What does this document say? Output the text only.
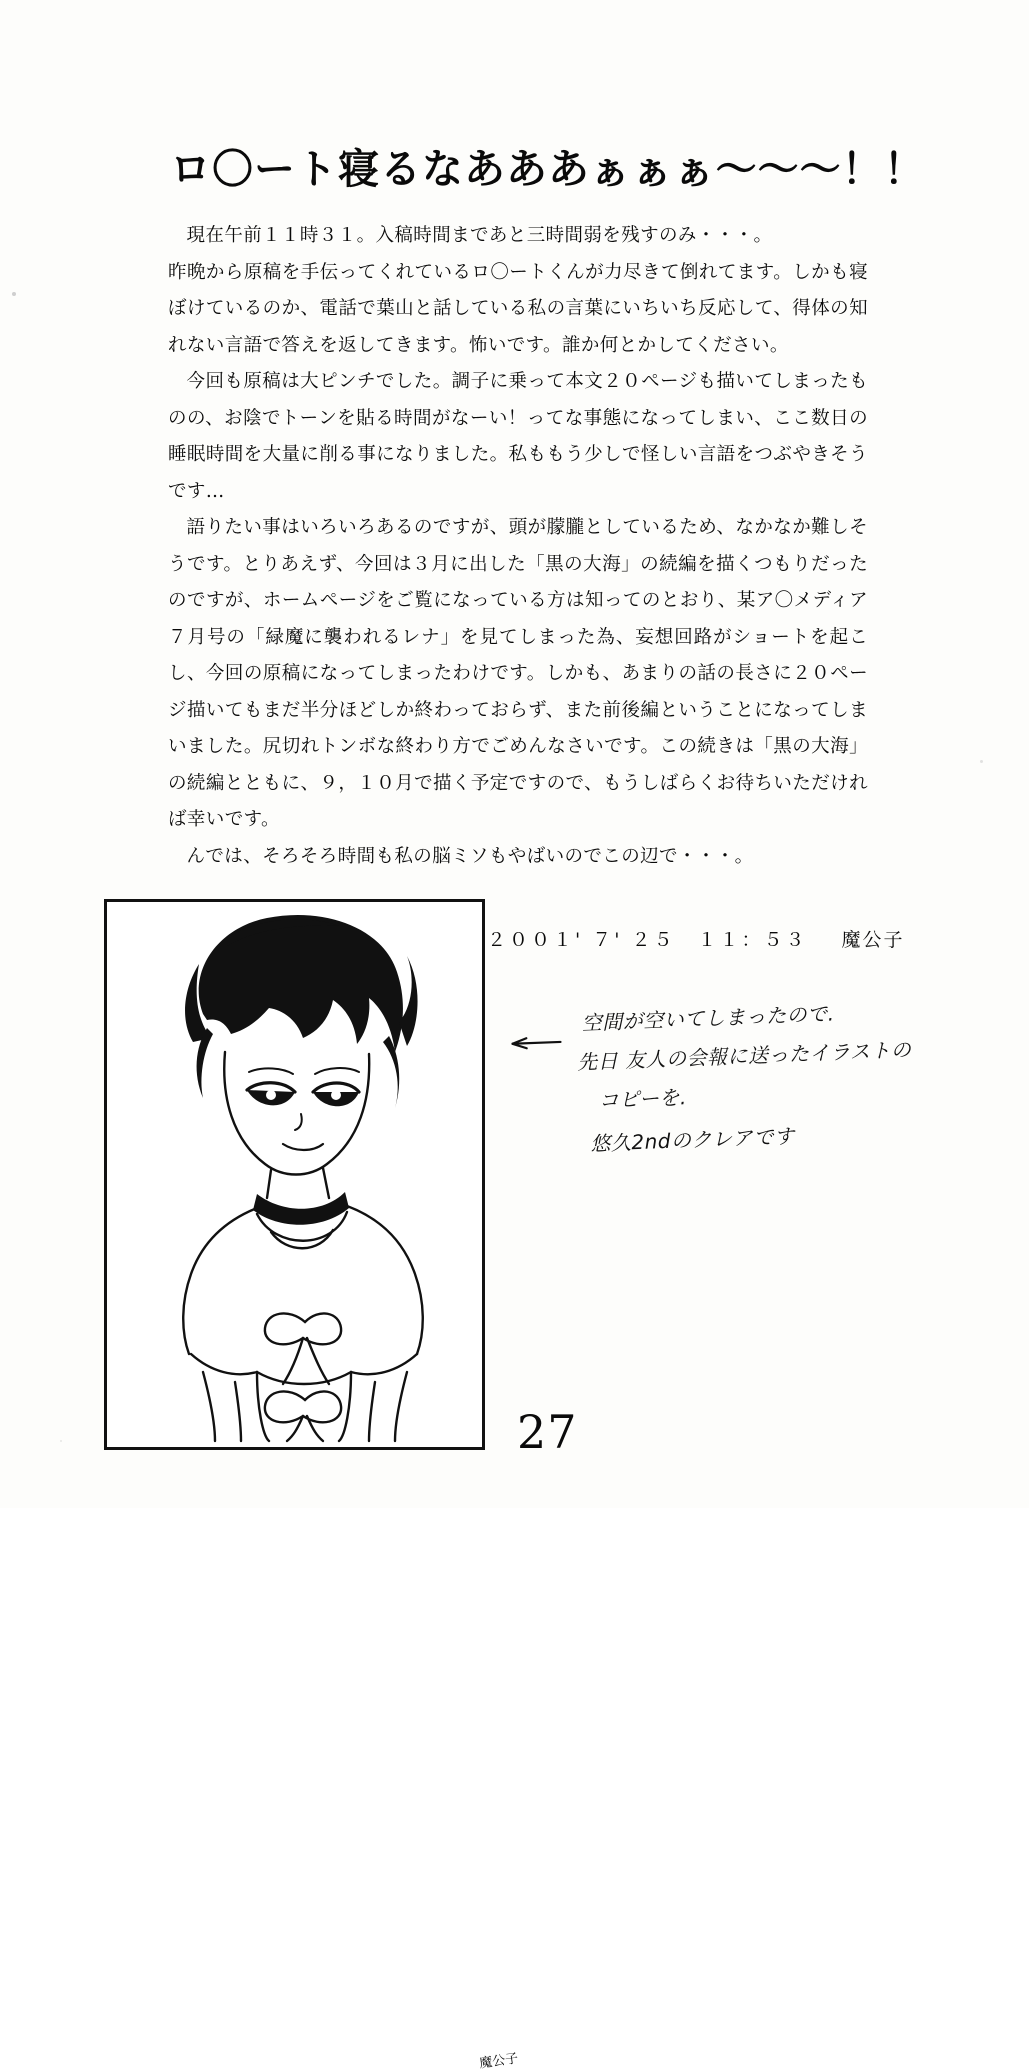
ロ〇ート寝るなあああぁぁぁ〜〜〜！！

現在午前１１時３１。入稿時間まであと三時間弱を残すのみ・・・。

昨晩から原稿を手伝ってくれているロ〇ートくんが力尽きて倒れてます。しかも寝ぼけているのか、電話で葉山と話している私の言葉にいちいち反応して、得体の知れない言語で答えを返してきます。怖いです。誰か何とかしてください。

今回も原稿は大ピンチでした。調子に乗って本文２０ページも描いてしまったものの、お陰でトーンを貼る時間がなーい！ってな事態になってしまい、ここ数日の睡眠時間を大量に削る事になりました。私ももう少しで怪しい言語をつぶやきそうです…

語りたい事はいろいろあるのですが、頭が朦朧としているため、なかなか難しそうです。とりあえず、今回は３月に出した「黒の大海」の続編を描くつもりだったのですが、ホームページをご覧になっている方は知ってのとおり、某ア〇メディア７月号の「緑魔に襲われるレナ」を見てしまった為、妄想回路がショートを起こし、今回の原稿になってしまったわけです。しかも、あまりの話の長さに２０ページ描いてもまだ半分ほどしか終わっておらず、また前後編ということになってしまいました。尻切れトンボな終わり方でごめんなさいです。この続きは「黒の大海」の続編とともに、９，１０月で描く予定ですので、もうしばらくお待ちいただければ幸いです。

んでは、そろそろ時間も私の脳ミソもやばいのでこの辺で・・・。

魔公子
２００１' ７' ２５　１１：５３ 魔公子
空間が空いてしまったので.
先日 友人の会報に送ったイラストの
コピーを.
悠久2ndのクレアです
27
